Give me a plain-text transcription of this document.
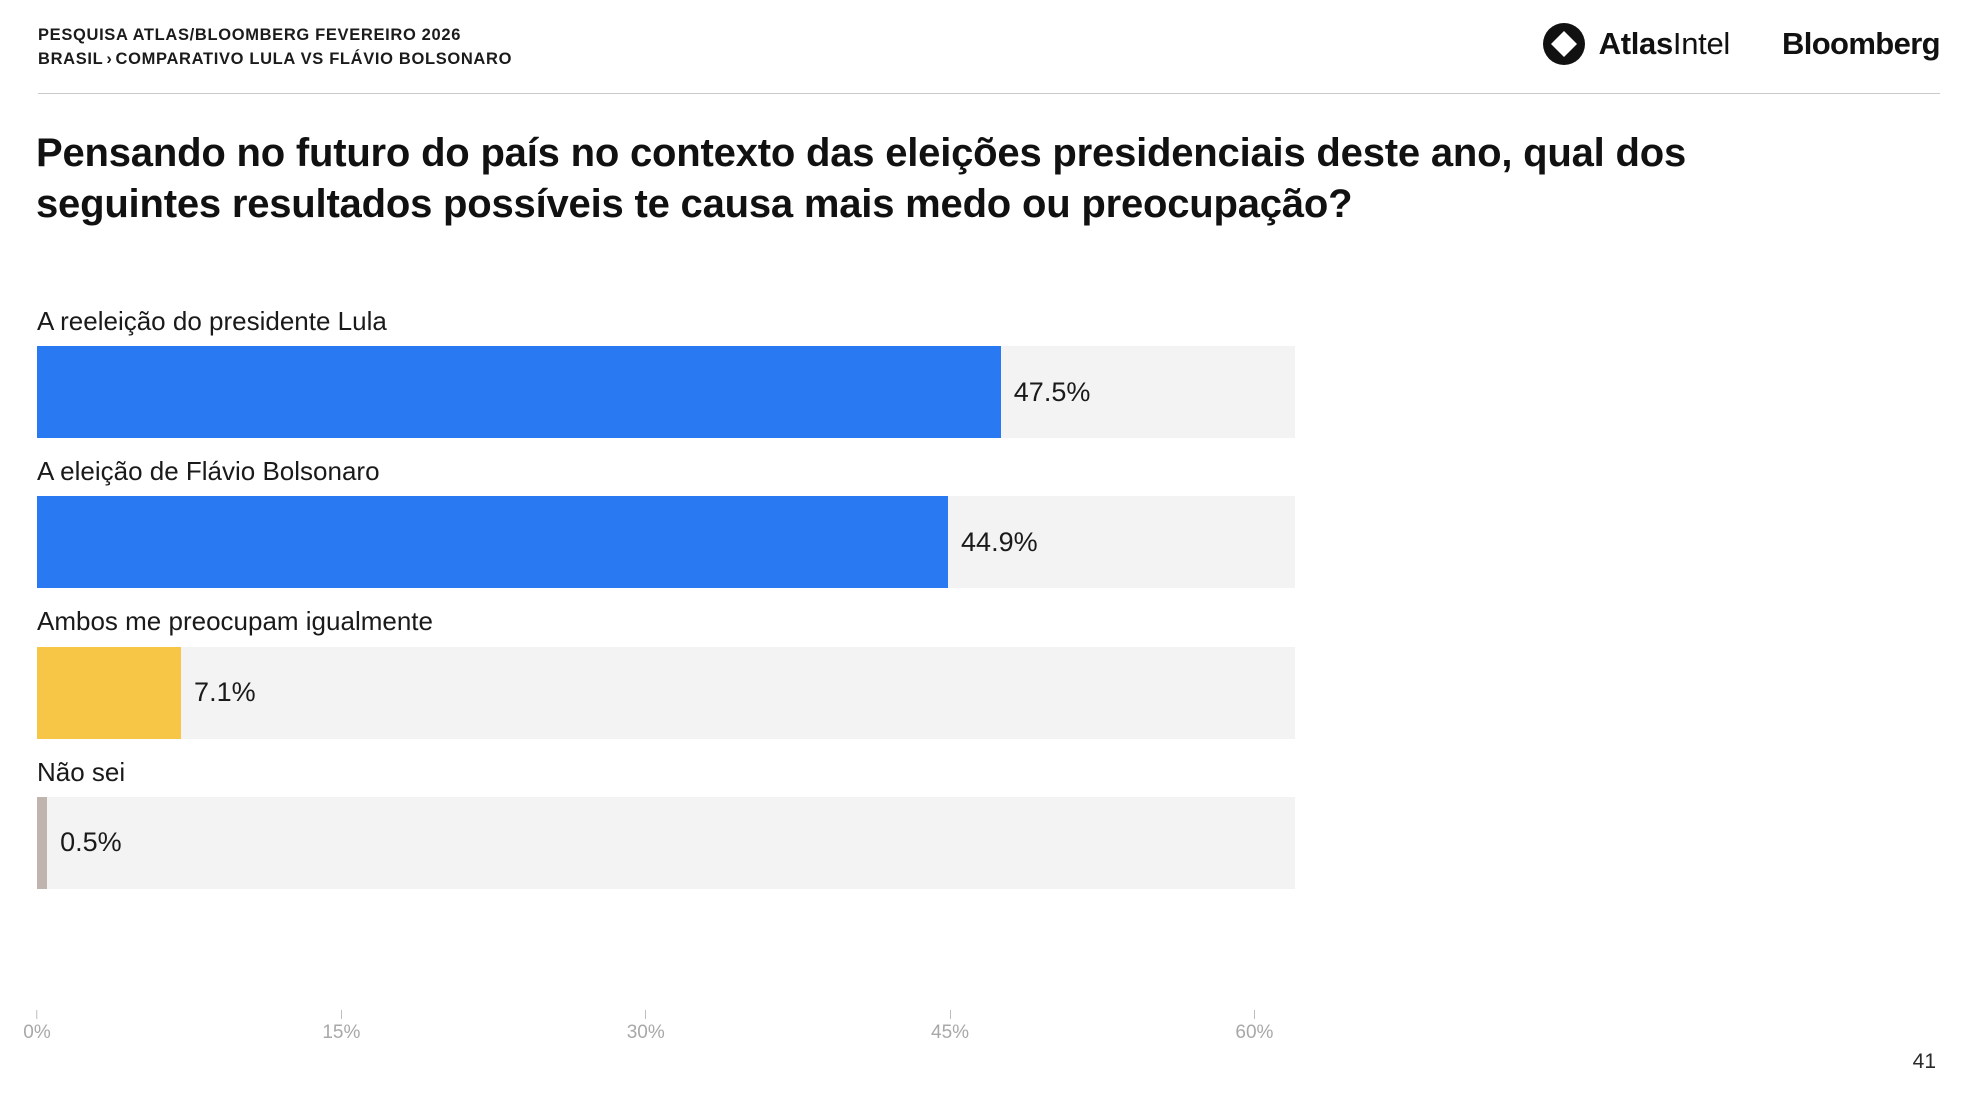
PESQUISA ATLAS/BLOOMBERG FEVEREIRO 2026
BRASIL › COMPARATIVO LULA VS FLÁVIO BOLSONARO	AtlasIntel Bloomberg
Pensando no futuro do país no contexto das eleições presidenciais deste ano, qual dos seguintes resultados possíveis te causa mais medo ou preocupação?
A reeleição do presidente Lula
47.5%
A eleição de Flávio Bolsonaro
44.9%
Ambos me preocupam igualmente
7.1%
Não sei
0.5%
0%	15%	30%	45%	60%
41
